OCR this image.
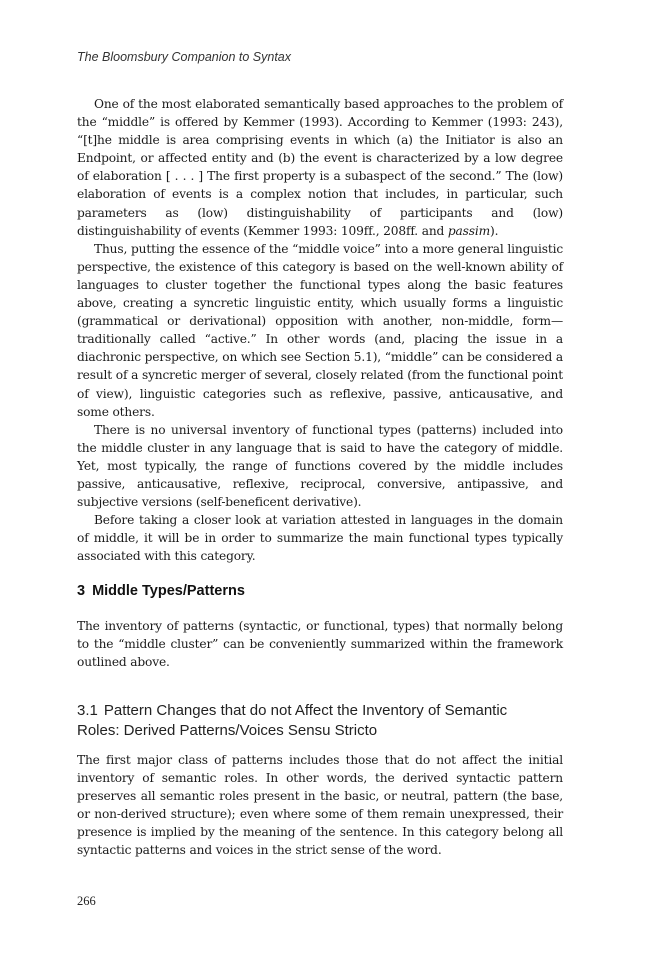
The Bloomsbury Companion to Syntax

One of the most elaborated semantically based approaches to the problem of the “middle” is offered by Kemmer (1993). According to Kemmer (1993: 243), “[t]he middle is area comprising events in which (a) the Initiator is also an Endpoint, or affected entity and (b) the event is characterized by a low degree of elaboration [ . . . ] The first property is a subaspect of the second.” The (low) elaboration of events is a complex notion that includes, in particular, such parameters as (low) distinguishability of participants and (low) distinguishability of events (Kemmer 1993: 109ff., 208ff. and passim).

Thus, putting the essence of the “middle voice” into a more general linguistic perspective, the existence of this category is based on the well-known ability of languages to cluster together the functional types along the basic features above, creating a syncretic linguistic entity, which usually forms a linguistic (grammatical or derivational) opposition with another, non-middle, form—traditionally called “active.” In other words (and, placing the issue in a diachronic perspective, on which see Section 5.1), “middle” can be considered a result of a syncretic merger of several, closely related (from the functional point of view), linguistic categories such as reflexive, passive, anticausative, and some others.

There is no universal inventory of functional types (patterns) included into the middle cluster in any language that is said to have the category of middle. Yet, most typically, the range of functions covered by the middle includes passive, anticausative, reflexive, reciprocal, conversive, antipassive, and subjective versions (self-beneficent derivative).

Before taking a closer look at variation attested in languages in the domain of middle, it will be in order to summarize the main functional types typically associated with this category.

3 Middle Types/Patterns

The inventory of patterns (syntactic, or functional, types) that normally belong to the “middle cluster” can be conveniently summarized within the framework outlined above.

3.1 Pattern Changes that do not Affect the Inventory of Semantic Roles: Derived Patterns/Voices Sensu Stricto

The first major class of patterns includes those that do not affect the initial inventory of semantic roles. In other words, the derived syntactic pattern preserves all semantic roles present in the basic, or neutral, pattern (the base, or non-derived structure); even where some of them remain unexpressed, their presence is implied by the meaning of the sentence. In this category belong all syntactic patterns and voices in the strict sense of the word.

266
